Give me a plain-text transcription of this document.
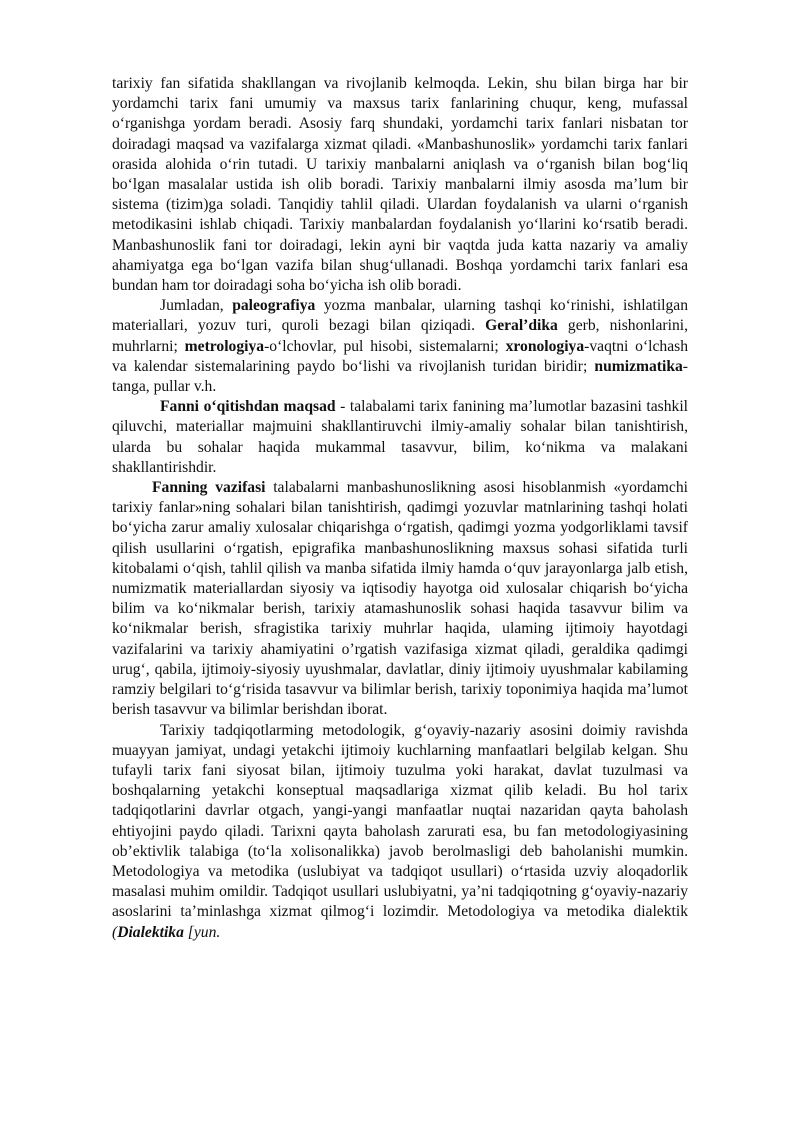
tarixiy fan sifatida shakllangan va rivojlanib kelmoqda. Lekin, shu bilan birga har bir yordamchi tarix fani umumiy va maxsus tarix fanlarining chuqur, keng, mufassal o‘rganishga yordam beradi. Asosiy farq shundaki, yordamchi tarix fanlari nisbatan tor doiradagi maqsad va vazifalarga xizmat qiladi. «Manbashunoslik» yordamchi tarix fanlari orasida alohida o‘rin tutadi. U tarixiy manbalarni aniqlash va o‘rganish bilan bog‘liq bo‘lgan masalalar ustida ish olib boradi. Tarixiy manbalarni ilmiy asosda ma’lum bir sistema (tizim)ga soladi. Tanqidiy tahlil qiladi. Ulardan foydalanish va ularni o‘rganish metodikasini ishlab chiqadi. Tarixiy manbalardan foydalanish yo‘llarini ko‘rsatib beradi. Manbashunoslik fani tor doiradagi, lekin ayni bir vaqtda juda katta nazariy va amaliy ahamiyatga ega bo‘lgan vazifa bilan shug‘ullanadi. Boshqa yordamchi tarix fanlari esa bundan ham tor doiradagi soha bo‘yicha ish olib boradi.

Jumladan, paleografiya yozma manbalar, ularning tashqi ko‘rinishi, ishlatilgan materiallari, yozuv turi, quroli bezagi bilan qiziqadi. Geral’dika gerb, nishonlarini, muhrlarni; metrologiya-o‘lchovlar, pul hisobi, sistemalarni; xronologiya-vaqtni o‘lchash va kalendar sistemalarining paydo bo‘lishi va rivojlanish turidan biridir; numizmatika-tanga, pullar v.h.

Fanni o‘qitishdan maqsad - talabalami tarix fanining ma’lumotlar bazasini tashkil qiluvchi, materiallar majmuini shakllantiruvchi ilmiy-amaliy sohalar bilan tanishtirish, ularda bu sohalar haqida mukammal tasavvur, bilim, ko‘nikma va malakani shakllantirishdir.

Fanning vazifasi talabalarni manbashunoslikning asosi hisoblanmish «yordamchi tarixiy fanlar»ning sohalari bilan tanishtirish, qadimgi yozuvlar matnlarining tashqi holati bo‘yicha zarur amaliy xulosalar chiqarishga o‘rgatish, qadimgi yozma yodgorliklami tavsif qilish usullarini o‘rgatish, epigrafika manbashunoslikning maxsus sohasi sifatida turli kitobalami o‘qish, tahlil qilish va manba sifatida ilmiy hamda o‘quv jarayonlarga jalb etish, numizmatik materiallardan siyosiy va iqtisodiy hayotga oid xulosalar chiqarish bo‘yicha bilim va ko‘nikmalar berish, tarixiy atamashunoslik sohasi haqida tasavvur bilim va ko‘nikmalar berish, sfragistika tarixiy muhrlar haqida, ulaming ijtimoiy hayotdagi vazifalarini va tarixiy ahamiyatini o’rgatish vazifasiga xizmat qiladi, geraldika qadimgi urug‘, qabila, ijtimoiy-siyosiy uyushmalar, davlatlar, diniy ijtimoiy uyushmalar kabilaming ramziy belgilari to‘g‘risida tasavvur va bilimlar berish, tarixiy toponimiya haqida ma’lumot berish tasavvur va bilimlar berishdan iborat.

Tarixiy tadqiqotlarming metodologik, g‘oyaviy-nazariy asosini doimiy ravishda muayyan jamiyat, undagi yetakchi ijtimoiy kuchlarning manfaatlari belgilab kelgan. Shu tufayli tarix fani siyosat bilan, ijtimoiy tuzulma yoki harakat, davlat tuzulmasi va boshqalarning yetakchi konseptual maqsadlariga xizmat qilib keladi. Bu hol tarix tadqiqotlarini davrlar otgach, yangi-yangi manfaatlar nuqtai nazaridan qayta baholash ehtiyojini paydo qiladi. Tarixni qayta baholash zarurati esa, bu fan metodologiyasining ob’ektivlik talabiga (to‘la xolisonalikka) javob berolmasligi deb baholanishi mumkin. Metodologiya va metodika (uslubiyat va tadqiqot usullari) o‘rtasida uzviy aloqadorlik masalasi muhim omildir. Tadqiqot usullari uslubiyatni, ya’ni tadqiqotning g‘oyaviy-nazariy asoslarini ta’minlashga xizmat qilmog‘i lozimdir. Metodologiya va metodika dialektik (Dialektika [yun.
